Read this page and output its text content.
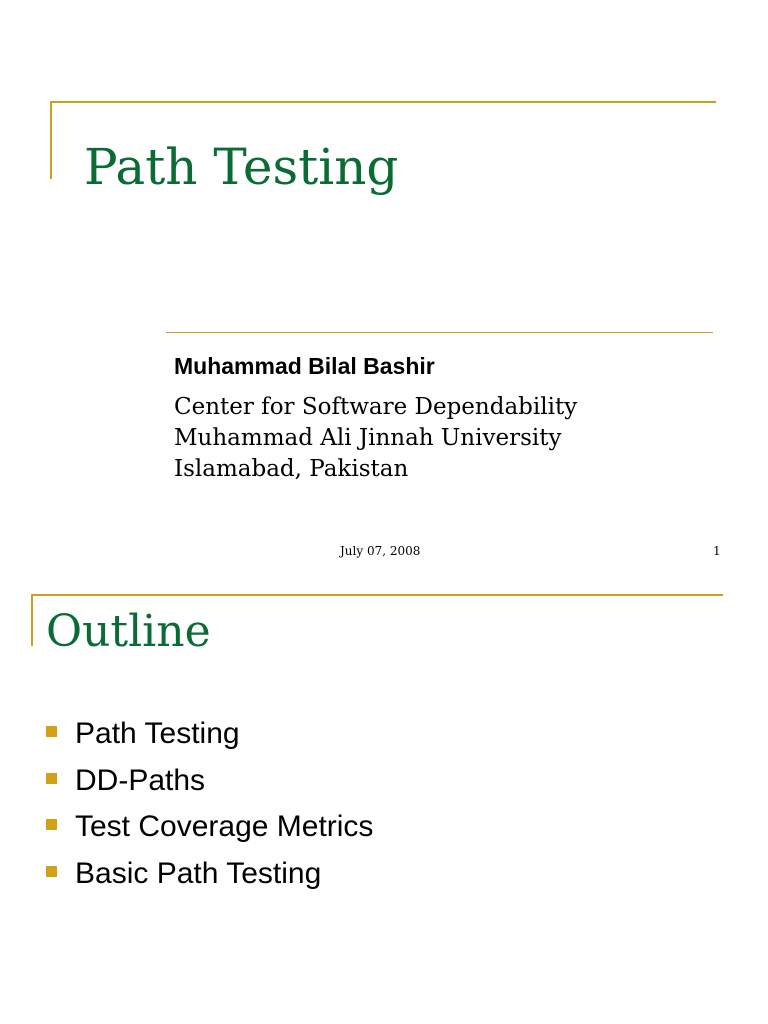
Path Testing
Muhammad Bilal Bashir
Center for Software Dependability
Muhammad Ali Jinnah University
Islamabad, Pakistan
July 07, 2008	1
Outline
Path Testing
DD-Paths
Test Coverage Metrics
Basic Path Testing
